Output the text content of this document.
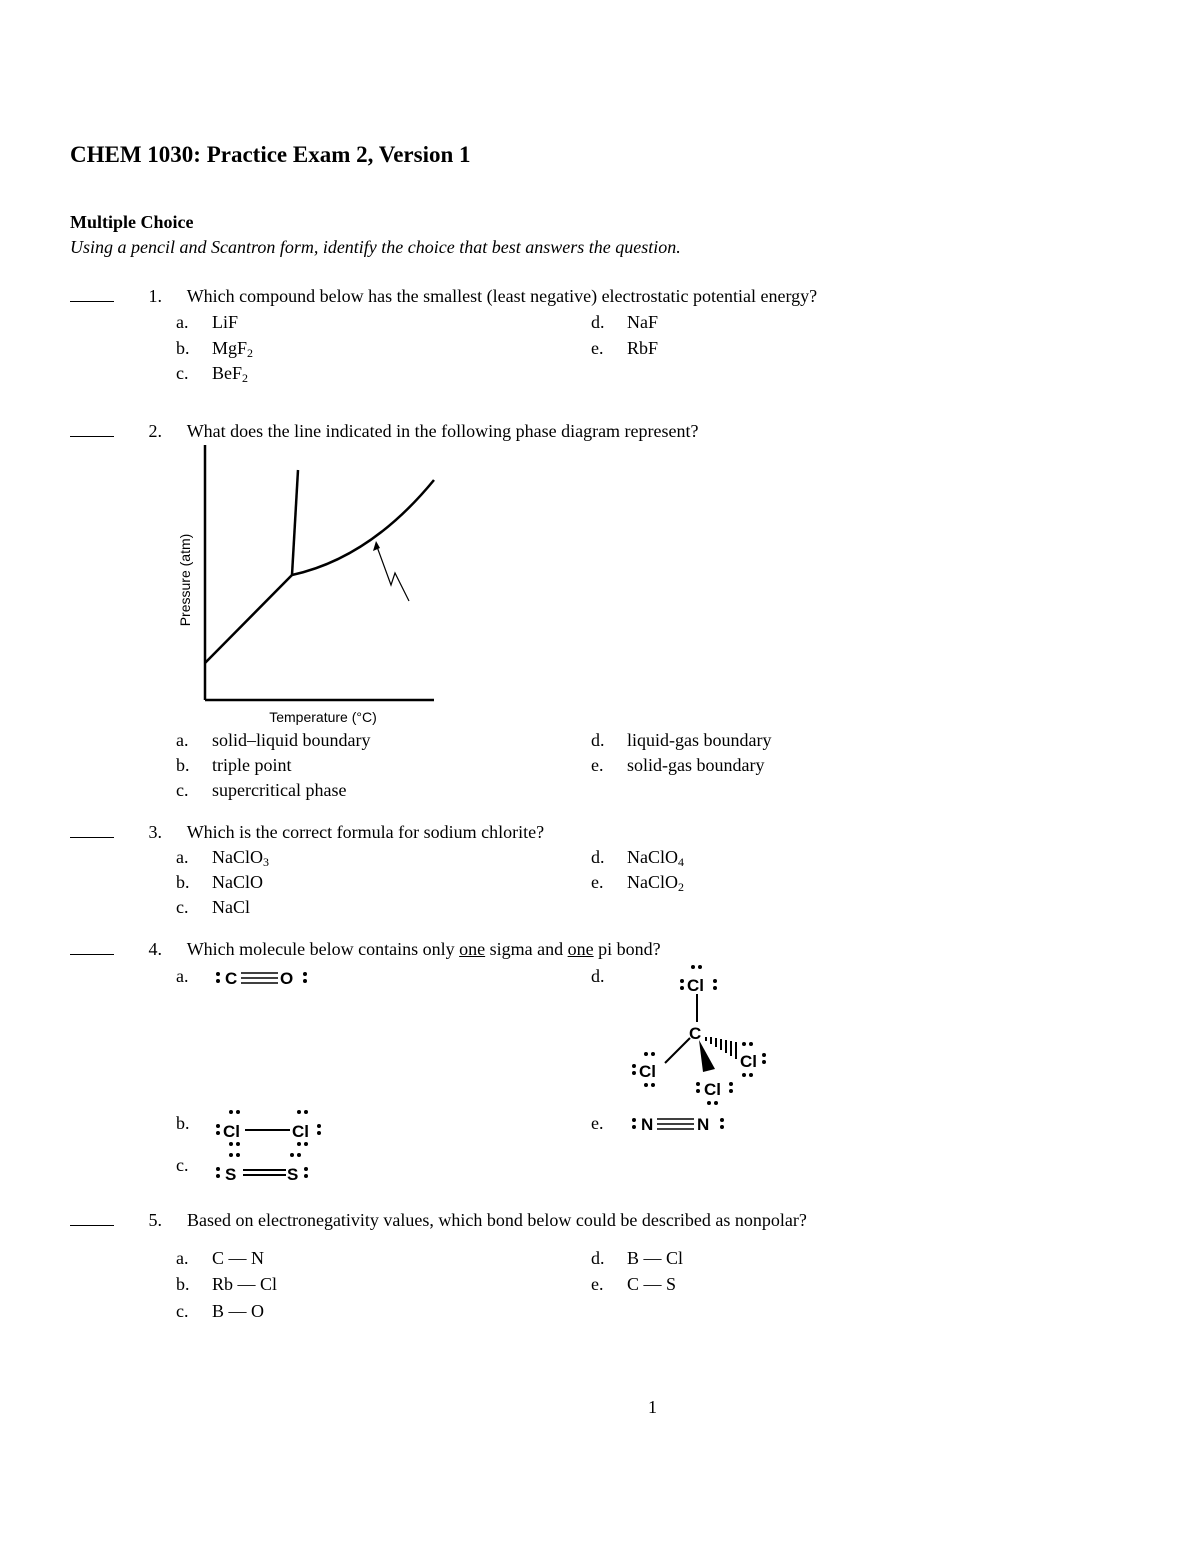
CHEM 1030: Practice Exam 2, Version 1
Multiple Choice
Using a pencil and Scantron form, identify the choice that best answers the question.
1. Which compound below has the smallest (least negative) electrostatic potential energy?
a. LiF
b. MgF$_2$
c. BeF$_2$
d. NaF
e. RbF
2. What does the line indicated in the following phase diagram represent?
Pressure (atm)
Temperature (°C)
a. solid–liquid boundary
b. triple point
c. supercritical phase
d. liquid-gas boundary
e. solid-gas boundary
3. Which is the correct formula for sodium chlorite?
a. NaClO$_3$
b. NaClO
c. NaCl
d. NaClO$_4$
e. NaClO$_2$
4. Which molecule below contains only one sigma and one pi bond?
a.	C	O	d.	Cl
C
Cl
Cl
Cl
b.	Cl	Cl	e.	N	N
c.	S	S
5. Based on electronegativity values, which bond below could be described as nonpolar?
a. C — N
b. Rb — Cl
c. B — O
d. B — Cl
e. C — S
1
